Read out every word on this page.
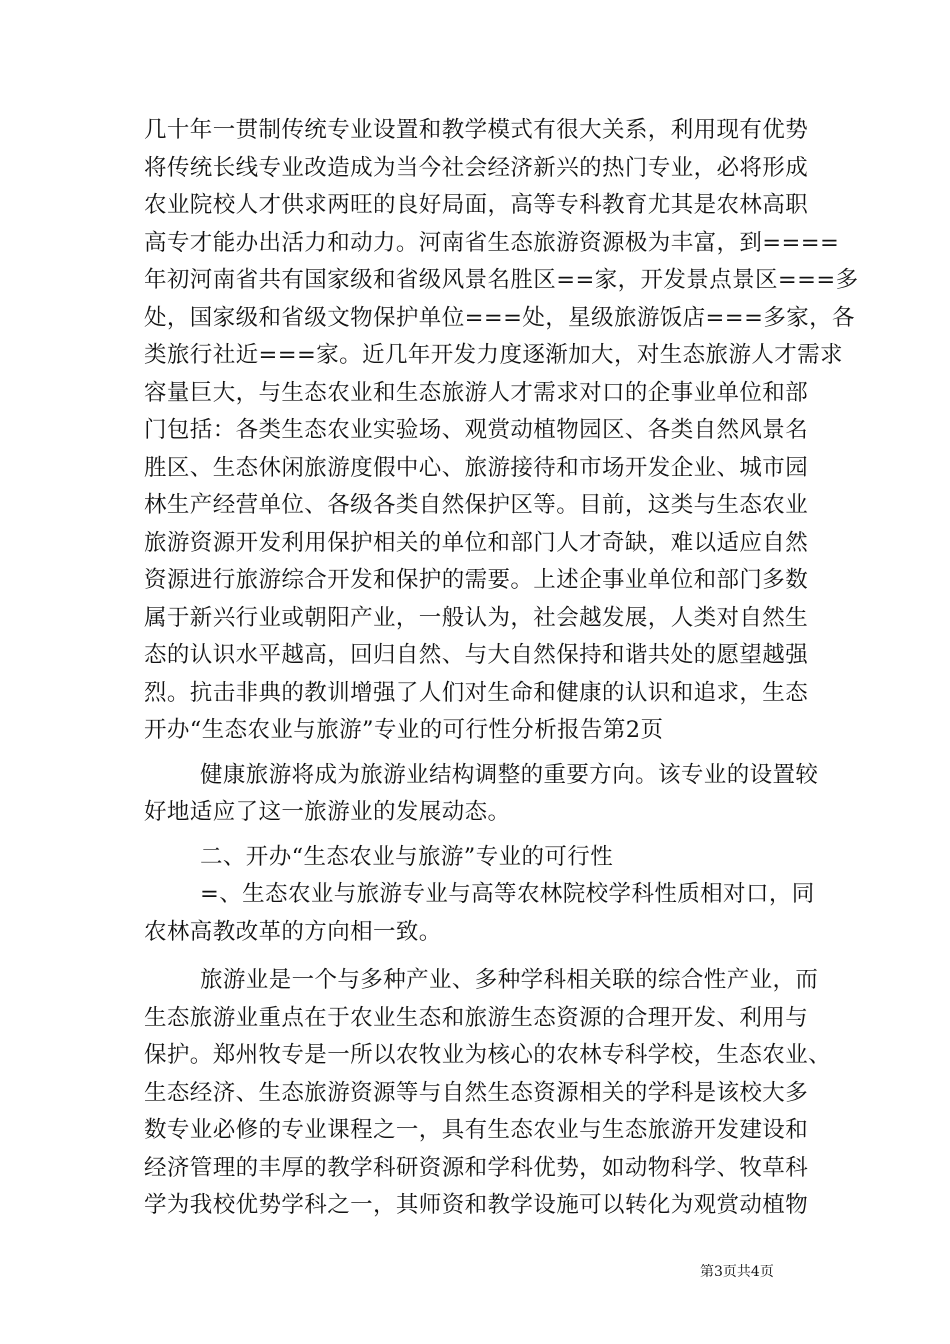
几十年一贯制传统专业设置和教学模式有很大关系，利用现有优势
将传统长线专业改造成为当今社会经济新兴的热门专业，必将形成
农业院校人才供求两旺的良好局面，高等专科教育尤其是农林高职
高专才能办出活力和动力。河南省生态旅游资源极为丰富，到====
年初河南省共有国家级和省级风景名胜区==家，开发景点景区===多
处，国家级和省级文物保护单位===处，星级旅游饭店===多家，各
类旅行社近===家。近几年开发力度逐渐加大，对生态旅游人才需求
容量巨大，与生态农业和生态旅游人才需求对口的企事业单位和部
门包括：各类生态农业实验场、观赏动植物园区、各类自然风景名
胜区、生态休闲旅游度假中心、旅游接待和市场开发企业、城市园
林生产经营单位、各级各类自然保护区等。目前，这类与生态农业
旅游资源开发利用保护相关的单位和部门人才奇缺，难以适应自然
资源进行旅游综合开发和保护的需要。上述企事业单位和部门多数
属于新兴行业或朝阳产业，一般认为，社会越发展，人类对自然生
态的认识水平越高，回归自然、与大自然保持和谐共处的愿望越强
烈。抗击非典的教训增强了人们对生命和健康的认识和追求，生态
开办“生态农业与旅游”专业的可行性分析报告第2页
健康旅游将成为旅游业结构调整的重要方向。该专业的设置较
好地适应了这一旅游业的发展动态。
二、开办“生态农业与旅游”专业的可行性
=、生态农业与旅游专业与高等农林院校学科性质相对口，同
农林高教改革的方向相一致。
旅游业是一个与多种产业、多种学科相关联的综合性产业，而
生态旅游业重点在于农业生态和旅游生态资源的合理开发、利用与
保护。郑州牧专是一所以农牧业为核心的农林专科学校，生态农业、
生态经济、生态旅游资源等与自然生态资源相关的学科是该校大多
数专业必修的专业课程之一，具有生态农业与生态旅游开发建设和
经济管理的丰厚的教学科研资源和学科优势，如动物科学、牧草科
学为我校优势学科之一，其师资和教学设施可以转化为观赏动植物
第3页共4页
